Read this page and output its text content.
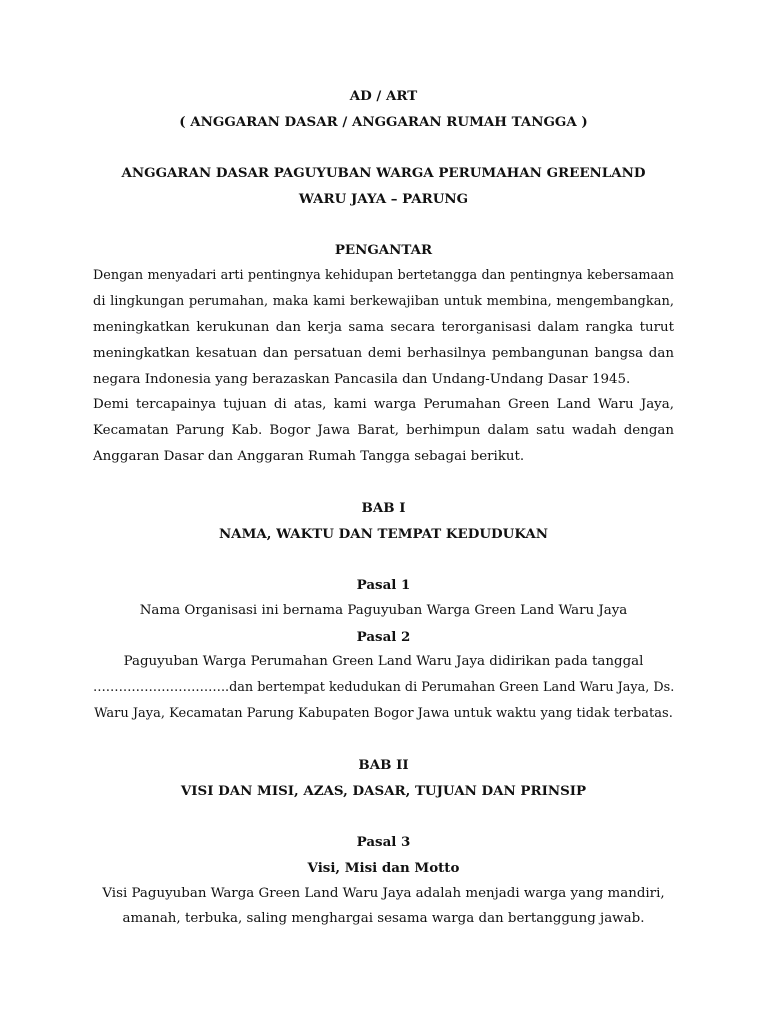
AD / ART
( ANGGARAN DASAR / ANGGARAN RUMAH TANGGA )
ANGGARAN DASAR PAGUYUBAN WARGA PERUMAHAN GREENLAND
WARU JAYA – PARUNG
PENGANTAR
Dengan menyadari arti pentingnya kehidupan bertetangga dan pentingnya kebersamaan
di lingkungan perumahan, maka kami berkewajiban untuk membina, mengembangkan,
meningkatkan kerukunan dan kerja sama secara terorganisasi dalam rangka turut
meningkatkan kesatuan dan persatuan demi berhasilnya pembangunan bangsa dan
negara Indonesia yang berazaskan Pancasila dan Undang-Undang Dasar 1945.
Demi tercapainya tujuan di atas, kami warga Perumahan Green Land Waru Jaya,
Kecamatan Parung Kab. Bogor Jawa Barat, berhimpun dalam satu wadah dengan
Anggaran Dasar dan Anggaran Rumah Tangga sebagai berikut.
BAB I
NAMA, WAKTU DAN TEMPAT KEDUDUKAN
Pasal 1
Nama Organisasi ini bernama Paguyuban Warga Green Land Waru Jaya
Pasal 2
Paguyuban Warga Perumahan Green Land Waru Jaya didirikan pada tanggal
…………………………..dan bertempat kedudukan di Perumahan Green Land Waru Jaya, Ds.
Waru Jaya, Kecamatan Parung Kabupaten Bogor Jawa untuk waktu yang tidak terbatas.
BAB II
VISI DAN MISI, AZAS, DASAR, TUJUAN DAN PRINSIP
Pasal 3
Visi, Misi dan Motto
Visi Paguyuban Warga Green Land Waru Jaya adalah menjadi warga yang mandiri,
amanah, terbuka, saling menghargai sesama warga dan bertanggung jawab.
